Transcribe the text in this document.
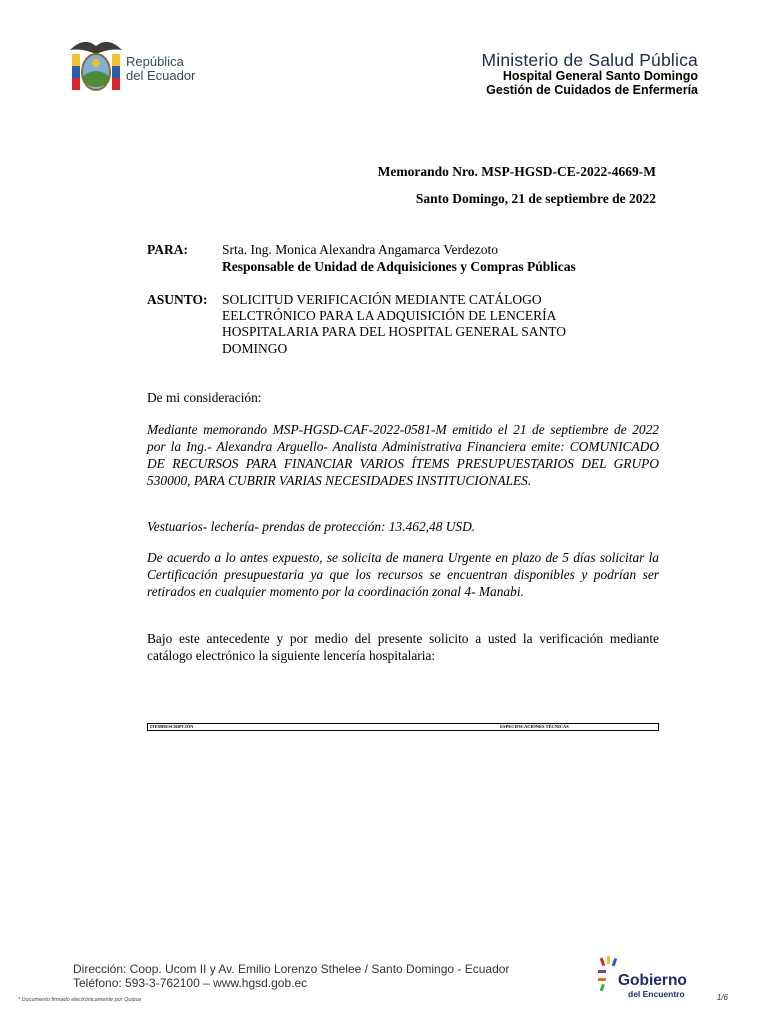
República
del Ecuador
Ministerio de Salud Pública
Hospital General Santo Domingo
Gestión de Cuidados de Enfermería
Memorando Nro. MSP-HGSD-CE-2022-4669-M
Santo Domingo, 21 de septiembre de 2022
PARA:	Srta. Ing. Monica Alexandra Angamarca Verdezoto
Responsable de Unidad de Adquisiciones y Compras Públicas
ASUNTO: SOLICITUD VERIFICACIÓN MEDIANTE CATÁLOGO EELCTRÓNICO PARA LA ADQUISICIÓN DE LENCERÍA HOSPITALARIA PARA DEL HOSPITAL GENERAL SANTO DOMINGO
De mi consideración:
Mediante memorando MSP-HGSD-CAF-2022-0581-M emitido el 21 de septiembre de 2022 por la Ing.- Alexandra Arguello- Analista Administrativa Financiera emite: COMUNICADO DE RECURSOS PARA FINANCIAR VARIOS ÍTEMS PRESUPUESTARIOS DEL GRUPO 530000, PARA CUBRIR VARIAS NECESIDADES INSTITUCIONALES.
Vestuarios- lechería- prendas de protección: 13.462,48 USD.
De acuerdo a lo antes expuesto, se solicita de manera Urgente en plazo de 5 días solicitar la Certificación presupuestaria ya que los recursos se encuentran disponibles y podrían ser retirados en cualquier momento por la coordinación zonal 4- Manabi.
Bajo este antecedente y por medio del presente solicito a usted la verificación mediante catálogo electrónico la siguiente lencería hospitalaria:
ITEM DESCRIPCIÓN	ESPECIFICACIONES TÉCNICAS
Dirección: Coop. Ucom II y Av. Emilio Lorenzo Sthelee / Santo Domingo - Ecuador
Teléfono: 593-3-762100 – www.hgsd.gob.ec
* Documento firmado electrónicamente por Quipux
Gobierno
del Encuentro	1/6
